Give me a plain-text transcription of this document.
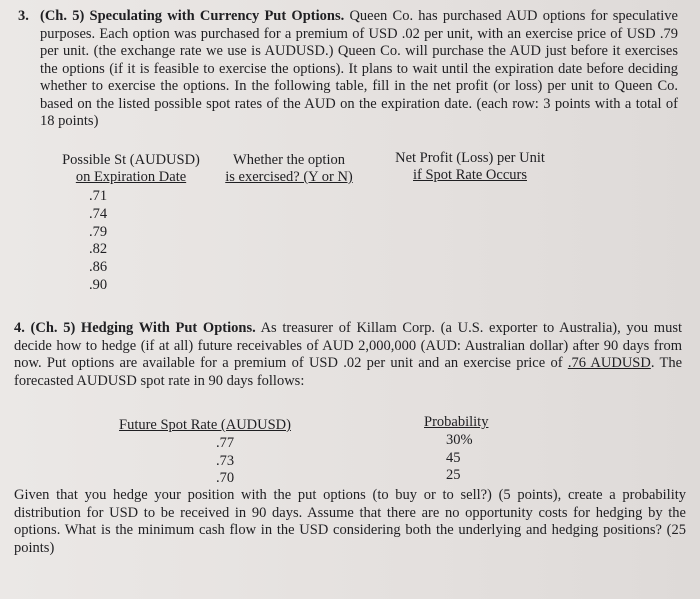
3. (Ch. 5) Speculating with Currency Put Options. Queen Co. has purchased AUD options for speculative purposes. Each option was purchased for a premium of USD .02 per unit, with an exercise price of USD .79 per unit. (the exchange rate we use is AUDUSD.) Queen Co. will purchase the AUD just before it exercises the options (if it is feasible to exercise the options). It plans to wait until the expiration date before deciding whether to exercise the options. In the following table, fill in the net profit (or loss) per unit to Queen Co. based on the listed possible spot rates of the AUD on the expiration date. (each row: 3 points with a total of 18 points)
Possible St (AUDUSD)
on Expiration Date
Whether the option
is exercised? (Y or N)
Net Profit (Loss) per Unit
if Spot Rate Occurs
.71
.74
.79
.82
.86
.90
4. (Ch. 5) Hedging With Put Options. As treasurer of Killam Corp. (a U.S. exporter to Australia), you must decide how to hedge (if at all) future receivables of AUD 2,000,000 (AUD: Australian dollar) after 90 days from now. Put options are available for a premium of USD .02 per unit and an exercise price of .76 AUDUSD. The forecasted AUDUSD spot rate in 90 days follows:
Future Spot Rate (AUDUSD)	Probability
.77
.73
.70
30%
45
25
Given that you hedge your position with the put options (to buy or to sell?) (5 points), create a probability distribution for USD to be received in 90 days. Assume that there are no opportunity costs for hedging by the options. What is the minimum cash flow in the USD considering both the underlying and hedging positions? (25 points)
